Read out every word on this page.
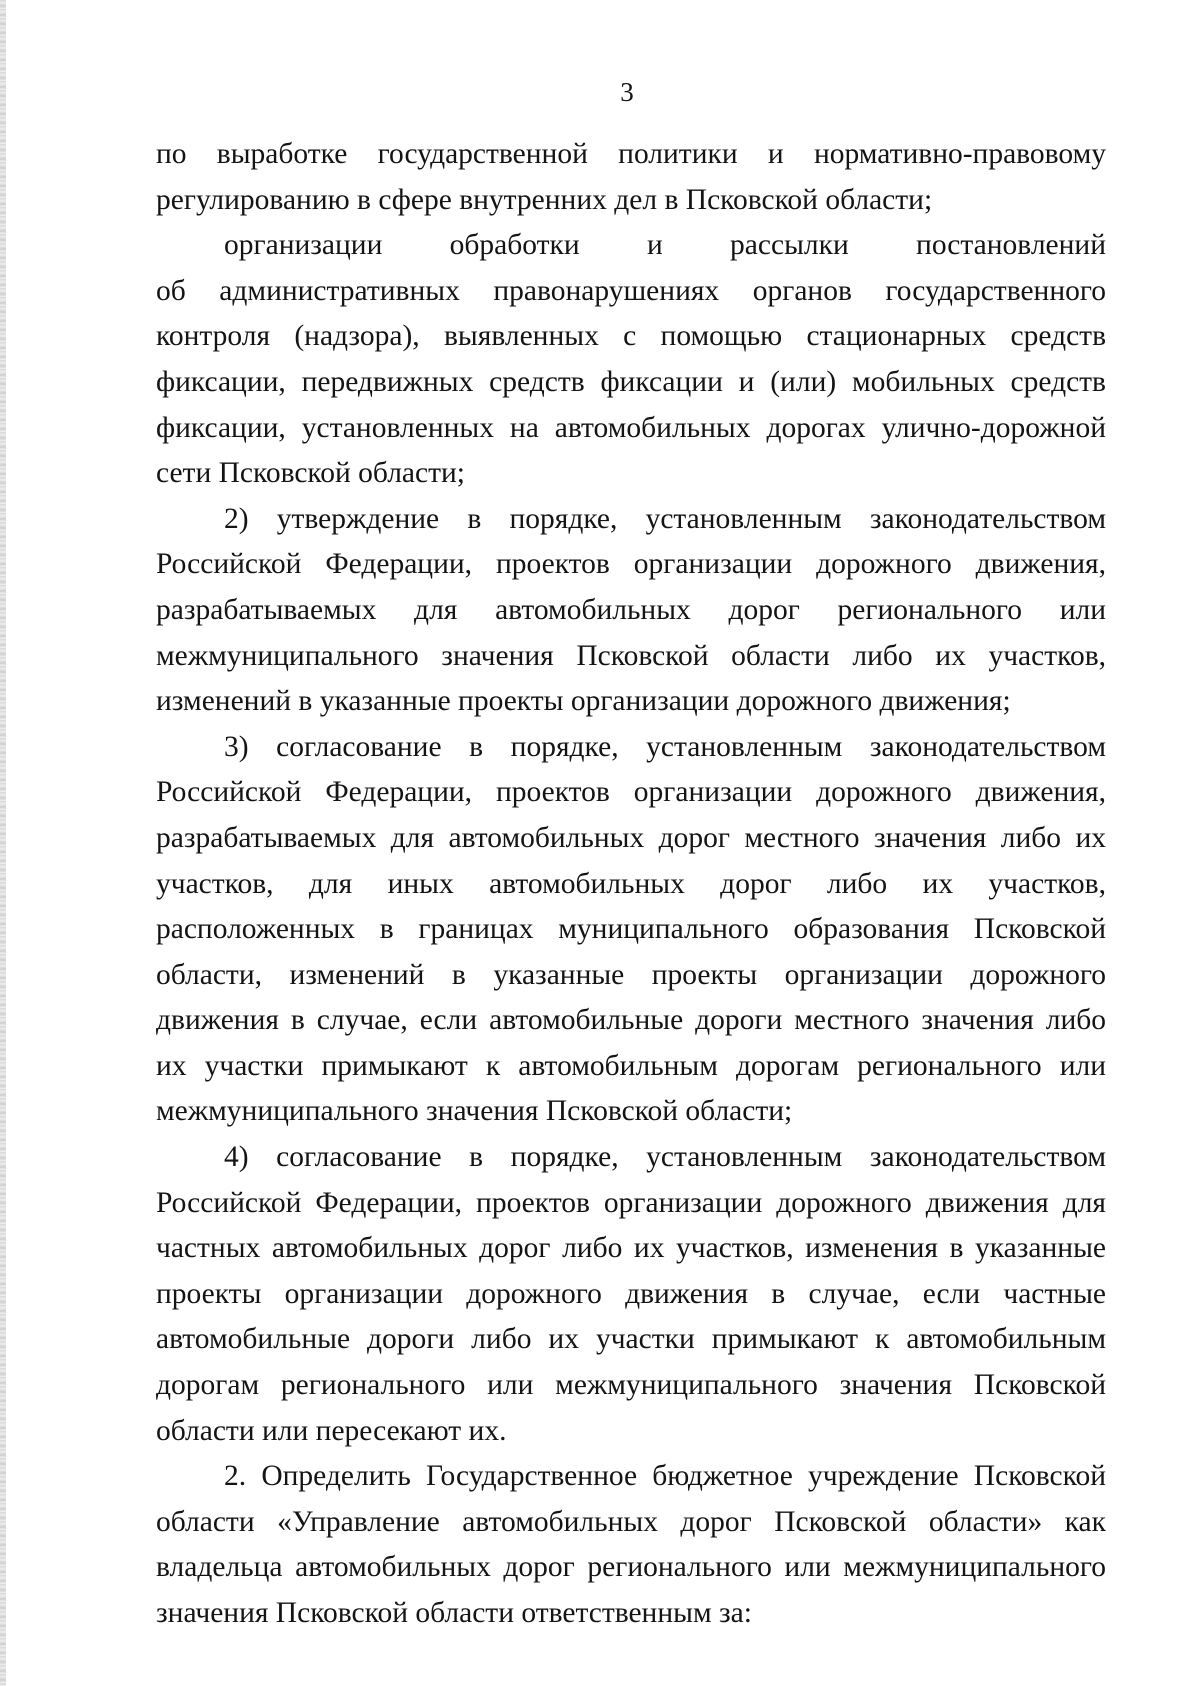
3
по выработке государственной политики и нормативно-правовому
регулированию в сфере внутренних дел в Псковской области;
организации обработки и рассылки постановлений
об административных правонарушениях органов государственного
контроля (надзора), выявленных с помощью стационарных средств
фиксации, передвижных средств фиксации и (или) мобильных средств
фиксации, установленных на автомобильных дорогах улично-дорожной
сети Псковской области;
2) утверждение в порядке, установленным законодательством
Российской Федерации, проектов организации дорожного движения,
разрабатываемых для автомобильных дорог регионального или
межмуниципального значения Псковской области либо их участков,
изменений в указанные проекты организации дорожного движения;
3) согласование в порядке, установленным законодательством
Российской Федерации, проектов организации дорожного движения,
разрабатываемых для автомобильных дорог местного значения либо их
участков, для иных автомобильных дорог либо их участков,
расположенных в границах муниципального образования Псковской
области, изменений в указанные проекты организации дорожного
движения в случае, если автомобильные дороги местного значения либо
их участки примыкают к автомобильным дорогам регионального или
межмуниципального значения Псковской области;
4) согласование в порядке, установленным законодательством
Российской Федерации, проектов организации дорожного движения для
частных автомобильных дорог либо их участков, изменения в указанные
проекты организации дорожного движения в случае, если частные
автомобильные дороги либо их участки примыкают к автомобильным
дорогам регионального или межмуниципального значения Псковской
области или пересекают их.
2. Определить Государственное бюджетное учреждение Псковской
области «Управление автомобильных дорог Псковской области» как
владельца автомобильных дорог регионального или межмуниципального
значения Псковской области ответственным за:
